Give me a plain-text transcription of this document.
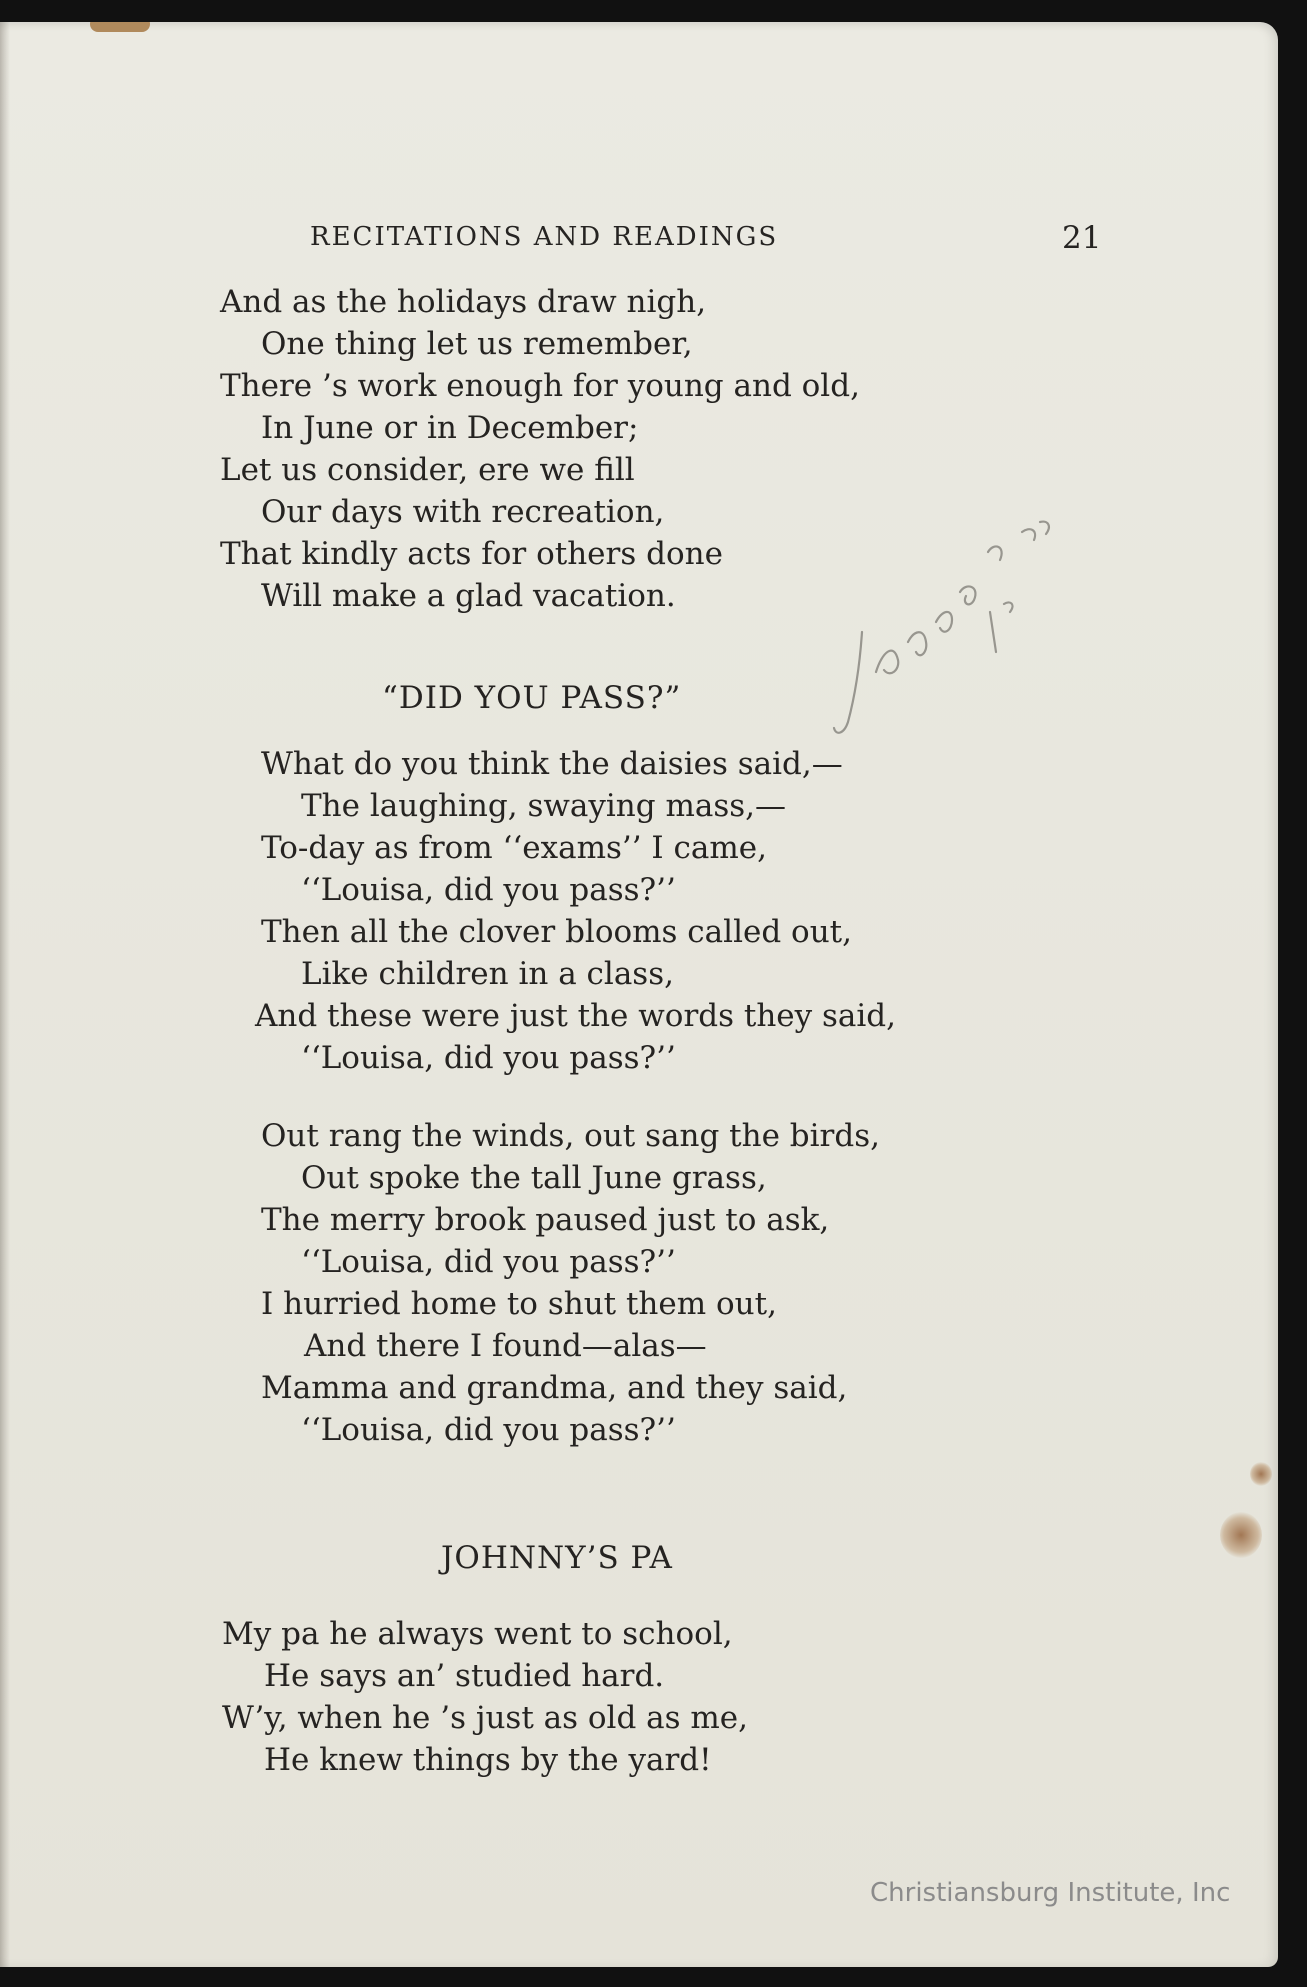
RECITATIONS AND READINGS	21
And as the holidays draw nigh,
One thing let us remember,
There ’s work enough for young and old,
In June or in December;
Let us consider, ere we fill
Our days with recreation,
That kindly acts for others done
Will make a glad vacation.
“DID YOU PASS?”
What do you think the daisies said,—
The laughing, swaying mass,—
To-day as from ‘‘exams’’ I came,
‘‘Louisa, did you pass?’’
Then all the clover blooms called out,
Like children in a class,
And these were just the words they said,
‘‘Louisa, did you pass?’’
Out rang the winds, out sang the birds,
Out spoke the tall June grass,
The merry brook paused just to ask,
‘‘Louisa, did you pass?’’
I hurried home to shut them out,
And there I found—alas—
Mamma and grandma, and they said,
‘‘Louisa, did you pass?’’
JOHNNY’S PA
My pa he always went to school,
He says an’ studied hard.
W’y, when he ’s just as old as me,
He knew things by the yard!
Christiansburg Institute, Inc
